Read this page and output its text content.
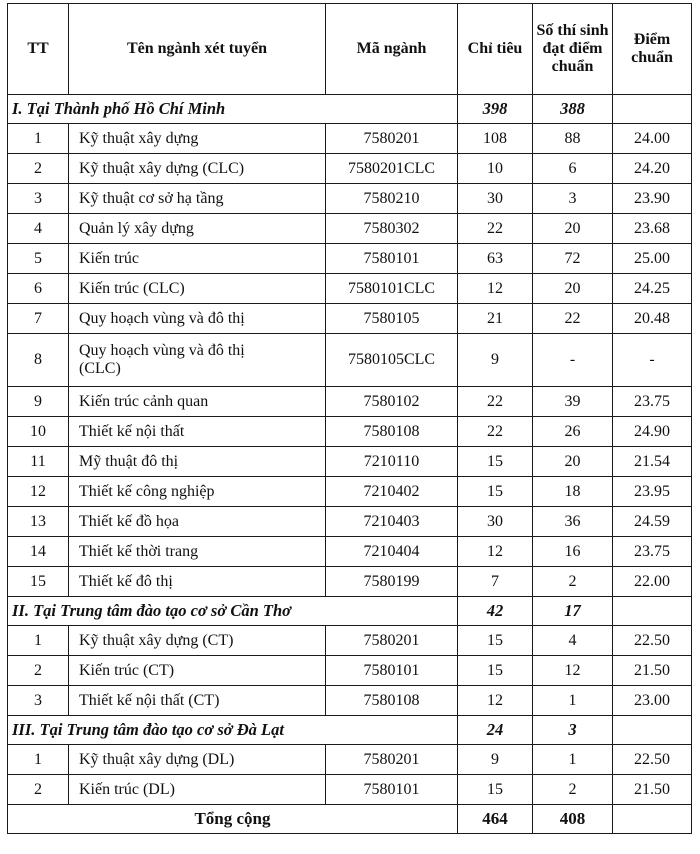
TT	Tên ngành xét tuyển	Mã ngành	Chỉ tiêu	Số thí sinh đạt điểm chuẩn	Điểm chuẩn
I. Tại Thành phố Hồ Chí Minh			398	388	
1	Kỹ thuật xây dựng	7580201	108	88	24.00
2	Kỹ thuật xây dựng (CLC)	7580201CLC	10	6	24.20
3	Kỹ thuật cơ sở hạ tầng	7580210	30	3	23.90
4	Quản lý xây dựng	7580302	22	20	23.68
5	Kiến trúc	7580101	63	72	25.00
6	Kiến trúc (CLC)	7580101CLC	12	20	24.25
7	Quy hoạch vùng và đô thị	7580105	21	22	20.48
8	Quy hoạch vùng và đô thị (CLC)	7580105CLC	9	-	-
9	Kiến trúc cảnh quan	7580102	22	39	23.75
10	Thiết kế nội thất	7580108	22	26	24.90
11	Mỹ thuật đô thị	7210110	15	20	21.54
12	Thiết kế công nghiệp	7210402	15	18	23.95
13	Thiết kế đồ họa	7210403	30	36	24.59
14	Thiết kế thời trang	7210404	12	16	23.75
15	Thiết kế đô thị	7580199	7	2	22.00
II. Tại Trung tâm đào tạo cơ sở Cần Thơ			42	17	
1	Kỹ thuật xây dựng (CT)	7580201	15	4	22.50
2	Kiến trúc (CT)	7580101	15	12	21.50
3	Thiết kế nội thất (CT)	7580108	12	1	23.00
III. Tại Trung tâm đào tạo cơ sở Đà Lạt			24	3	
1	Kỹ thuật xây dựng (DL)	7580201	9	1	22.50
2	Kiến trúc (DL)	7580101	15	2	21.50
Tổng cộng			464	408	
